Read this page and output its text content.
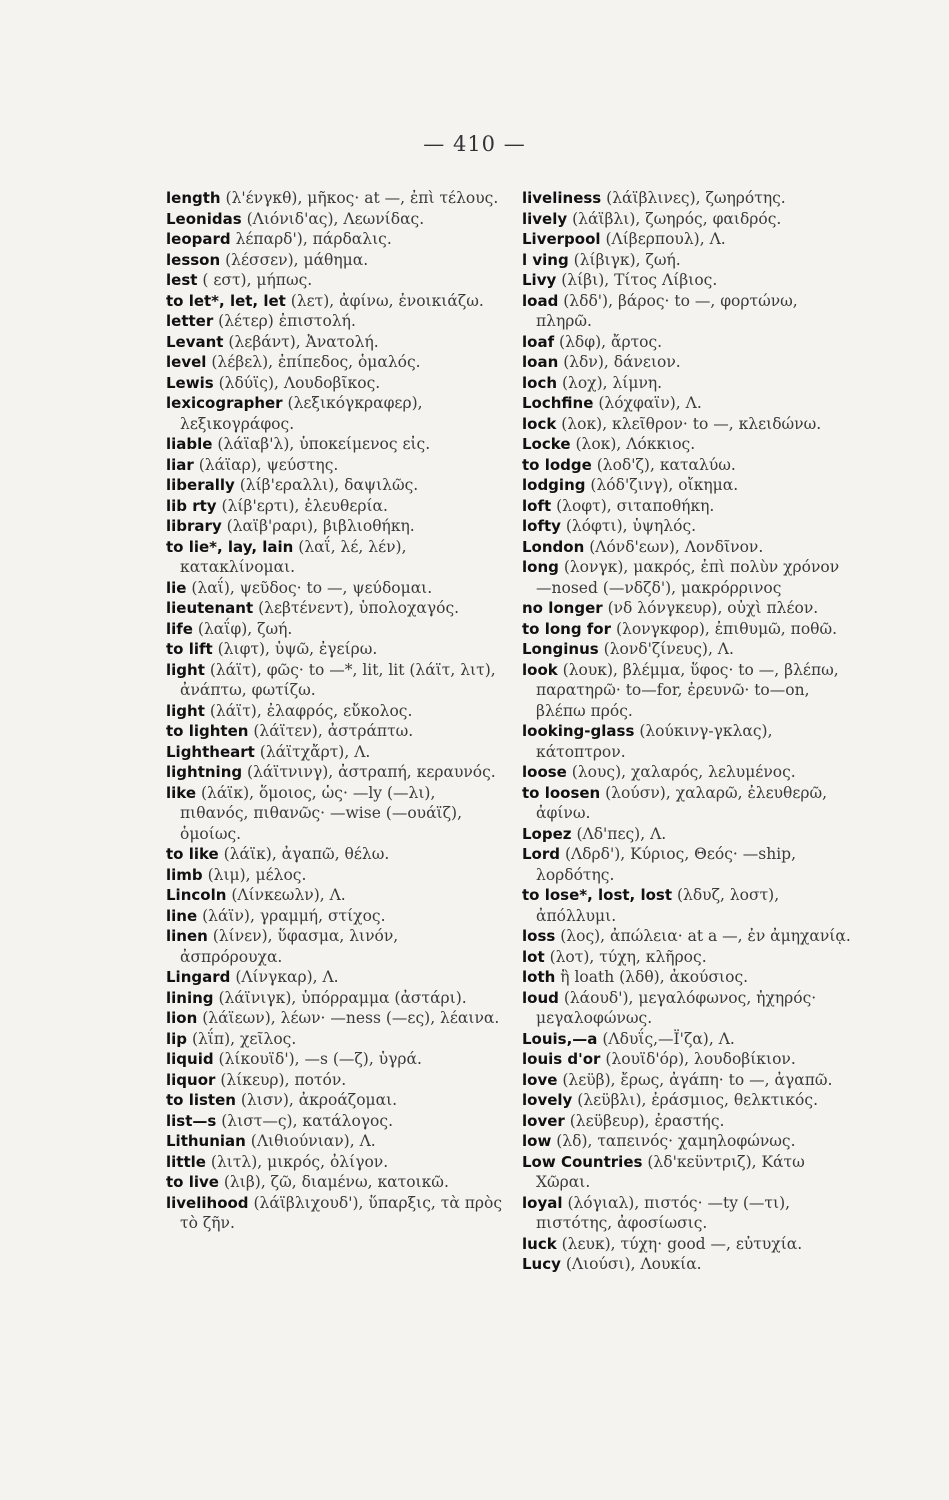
— 410 —

length (λ'ένγκθ), μῆκος· at —, ἐπὶ τέλους.

Leonidas (Λιόνιδ'ας), Λεωνίδας.

leopard λέπαρδ'), πάρδαλις.

lesson (λέσσεν), μάθημα.

lest ( εστ), μήπως.

to let*, let, let (λετ), ἀφίνω, ἐνοικιάζω.

letter (λέτερ) ἐπιστολή.

Levant (λεβάντ), Ἀνατολή.

level (λέβελ), ἐπίπεδος, ὁμαλός.

Lewis (λδύϊς), Λουδοβῖκος.

lexicographer (λεξικόγκραφερ), λεξικογράφος.

liable (λάϊαβ'λ), ὑποκείμενος εἰς.

liar (λάϊαρ), ψεύστης.

liberally (λίβ'εραλλι), δαψιλῶς.

lib rty (λίβ'ερτι), ἐλευθερία.

library (λαϊβ'ραρι), βιβλιοθήκη.

to lie*, lay, lain (λαΐ, λέ, λέν), κατακλίνομαι.

lie (λαΐ), ψεῦδος· to —, ψεύδομαι.

lieutenant (λεβτένεντ), ὑπολοχαγός.

life (λαΐφ), ζωή.

to lift (λιφτ), ὑψῶ, ἐγείρω.

light (λάϊτ), φῶς· to —*, lit, lit (λάϊτ, λιτ), ἀνάπτω, φωτίζω.

light (λάϊτ), ἐλαφρός, εὔκολος.

to lighten (λάϊτεν), ἀστράπτω.

Lightheart (λάϊτχἄρτ), Λ.

lightning (λάϊτνινγ), ἀστραπή, κεραυνός.

like (λάϊκ), ὅμοιος, ὡς· —ly (—λι), πιθανός, πιθανῶς· —wise (—ουάϊζ), ὁμοίως.

to like (λάϊκ), ἀγαπῶ, θέλω.

limb (λιμ), μέλος.

Lincoln (Λίνκεωλν), Λ.

line (λάϊν), γραμμή, στίχος.

linen (λίνεν), ὕφασμα, λινόν, ἀσπρόρουχα.

Lingard (Λίνγκαρ), Λ.

lining (λάϊνιγκ), ὑπόρραμμα (ἀστάρι).

lion (λάϊεων), λέων· —ness (—ες), λέαινα.

lip (λΐπ), χεῖλος.

liquid (λίκουϊδ'), —s (—ζ), ὑγρά.

liquor (λίκευρ), ποτόν.

to listen (λισν), ἀκροάζομαι.

list—s (λιστ—ς), κατάλογος.

Lithunian (Λιθιούνιαν), Λ.

little (λιτλ), μικρός, ὀλίγον.

to live (λιβ), ζῶ, διαμένω, κατοικῶ.

livelihood (λάϊβλιχουδ'), ὕπαρξις, τὰ πρὸς τὸ ζῆν.

liveliness (λάϊβλινες), ζωηρότης.

lively (λάϊβλι), ζωηρός, φαιδρός.

Liverpool (Λίβερπουλ), Λ.

l ving (λίβιγκ), ζωή.

Livy (λίβι), Τίτος Λίβιος.

load (λδδ'), βάρος· to —, φορτώνω, πληρῶ.

loaf (λδφ), ἄρτος.

loan (λδν), δάνειον.

loch (λοχ), λίμνη.

Lochfine (λόχφαϊν), Λ.

lock (λοκ), κλεῖθρον· to —, κλειδώνω.

Locke (λοκ), Λόκκιος.

to lodge (λοδ'ζ), καταλύω.

lodging (λόδ'ζινγ), οἴκημα.

loft (λοφτ), σιταποθήκη.

lofty (λόφτι), ὑψηλός.

London (Λόνδ'εων), Λονδῖνον.

long (λονγκ), μακρός, ἐπὶ πολὺν χρόνον —nosed (—νδζδ'), μακρόρρινος

no longer (νδ λόνγκευρ), οὐχὶ πλέον.

to long for (λονγκφορ), ἐπιθυμῶ, ποθῶ.

Longinus (λονδ'ζίνευς), Λ.

look (λουκ), βλέμμα, ὕφος· to —, βλέπω, παρατηρῶ· to—for, ἐρευνῶ· to—on, βλέπω πρός.

looking-glass (λούκινγ-γκλας), κάτοπτρον.

loose (λους), χαλαρός, λελυμένος.

to loosen (λούσν), χαλαρῶ, ἐλευθερῶ, ἀφίνω.

Lopez (Λδ'πες), Λ.

Lord (Λδρδ'), Κύριος, Θεός· —ship, λορδότης.

to lose*, lost, lost (λδυζ, λοστ), ἀπόλλυμι.

loss (λος), ἀπώλεια· at a —, ἐν ἀμηχανίᾳ.

lot (λοτ), τύχη, κλῆρος.

loth ἢ loath (λδθ), ἀκούσιος.

loud (λάουδ'), μεγαλόφωνος, ἠχηρός· μεγαλοφώνως.

Louis,—a (Λδυΐς,—Ϊ'ζα), Λ.

louis d'or (λουϊδ'όρ), λουδοβίκιον.

love (λεϋβ), ἔρως, ἀγάπη· to —, ἀγαπῶ.

lovely (λεϋβλι), ἐράσμιος, θελκτικός.

lover (λεϋβευρ), ἐραστής.

low (λδ), ταπεινός· χαμηλοφώνως.

Low Countries (λδ'κεϋντριζ), Κάτω Χῶραι.

loyal (λόγιαλ), πιστός· —ty (—τι), πιστότης, ἀφοσίωσις.

luck (λευκ), τύχη· good —, εὐτυχία.

Lucy (Λιούσι), Λουκία.
